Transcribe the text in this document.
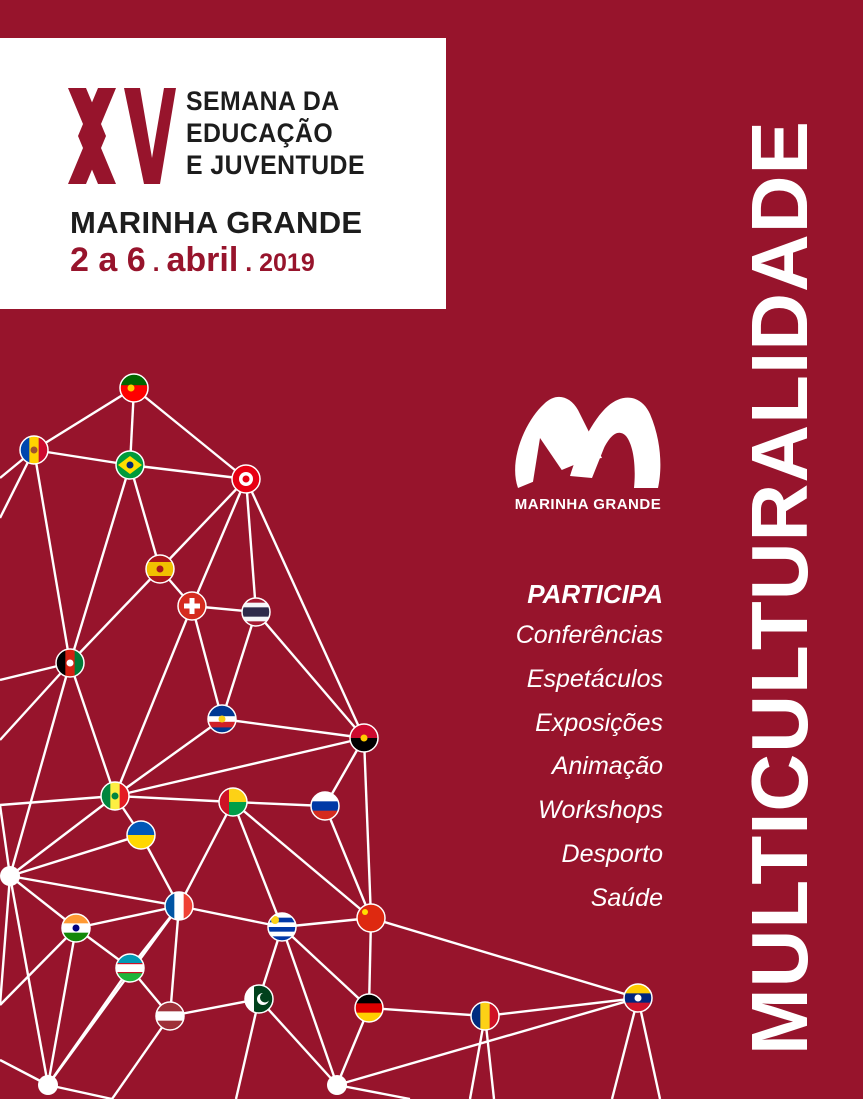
XV
SEMANA DA
EDUCAÇÃO
E JUVENTUDE
MARINHA GRANDE
2 a 6 . abril . 2019	MULTICULTURALIDADE
MARINHA GRANDE
PARTICIPA
Conferências
Espetáculos
Exposições
Animação
Workshops
Desporto
Saúde
